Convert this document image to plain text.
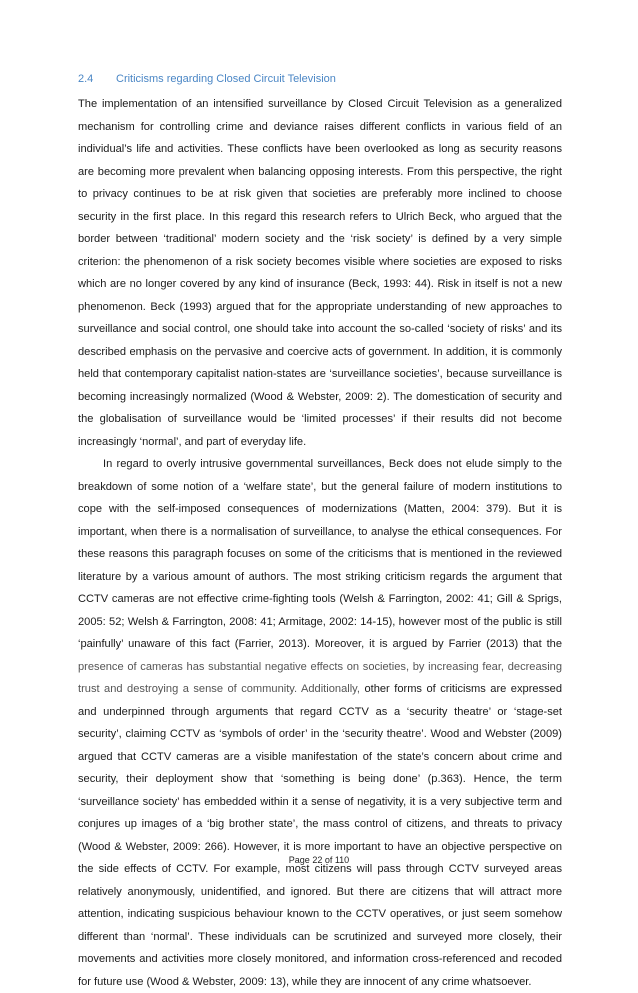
2.4 Criticisms regarding Closed Circuit Television

The implementation of an intensified surveillance by Closed Circuit Television as a generalized mechanism for controlling crime and deviance raises different conflicts in various field of an individual’s life and activities. These conflicts have been overlooked as long as security reasons are becoming more prevalent when balancing opposing interests. From this perspective, the right to privacy continues to be at risk given that societies are preferably more inclined to choose security in the first place. In this regard this research refers to Ulrich Beck, who argued that the border between ‘traditional’ modern society and the ‘risk society’ is defined by a very simple criterion: the phenomenon of a risk society becomes visible where societies are exposed to risks which are no longer covered by any kind of insurance (Beck, 1993: 44). Risk in itself is not a new phenomenon. Beck (1993) argued that for the appropriate understanding of new approaches to surveillance and social control, one should take into account the so-called ‘society of risks’ and its described emphasis on the pervasive and coercive acts of government. In addition, it is commonly held that contemporary capitalist nation-states are ‘surveillance societies’, because surveillance is becoming increasingly normalized (Wood & Webster, 2009: 2). The domestication of security and the globalisation of surveillance would be ‘limited processes’ if their results did not become increasingly ‘normal’, and part of everyday life.

In regard to overly intrusive governmental surveillances, Beck does not elude simply to the breakdown of some notion of a ‘welfare state’, but the general failure of modern institutions to cope with the self-imposed consequences of modernizations (Matten, 2004: 379). But it is important, when there is a normalisation of surveillance, to analyse the ethical consequences. For these reasons this paragraph focuses on some of the criticisms that is mentioned in the reviewed literature by a various amount of authors. The most striking criticism regards the argument that CCTV cameras are not effective crime-fighting tools (Welsh & Farrington, 2002: 41; Gill & Sprigs, 2005: 52; Welsh & Farrington, 2008: 41; Armitage, 2002: 14-15), however most of the public is still ‘painfully’ unaware of this fact (Farrier, 2013). Moreover, it is argued by Farrier (2013) that the presence of cameras has substantial negative effects on societies, by increasing fear, decreasing trust and destroying a sense of community. Additionally, other forms of criticisms are expressed and underpinned through arguments that regard CCTV as a ‘security theatre’ or ‘stage-set security’, claiming CCTV as ‘symbols of order’ in the ‘security theatre’. Wood and Webster (2009) argued that CCTV cameras are a visible manifestation of the state’s concern about crime and security, their deployment show that ‘something is being done’ (p.363). Hence, the term ‘surveillance society’ has embedded within it a sense of negativity, it is a very subjective term and conjures up images of a ‘big brother state’, the mass control of citizens, and threats to privacy (Wood & Webster, 2009: 266). However, it is more important to have an objective perspective on the side effects of CCTV. For example, most citizens will pass through CCTV surveyed areas relatively anonymously, unidentified, and ignored. But there are citizens that will attract more attention, indicating suspicious behaviour known to the CCTV operatives, or just seem somehow different than ‘normal’. These individuals can be scrutinized and surveyed more closely, their movements and activities more closely monitored, and information cross-referenced and recoded for future use (Wood & Webster, 2009: 13), while they are innocent of any crime whatsoever.

Page 22 of 110
